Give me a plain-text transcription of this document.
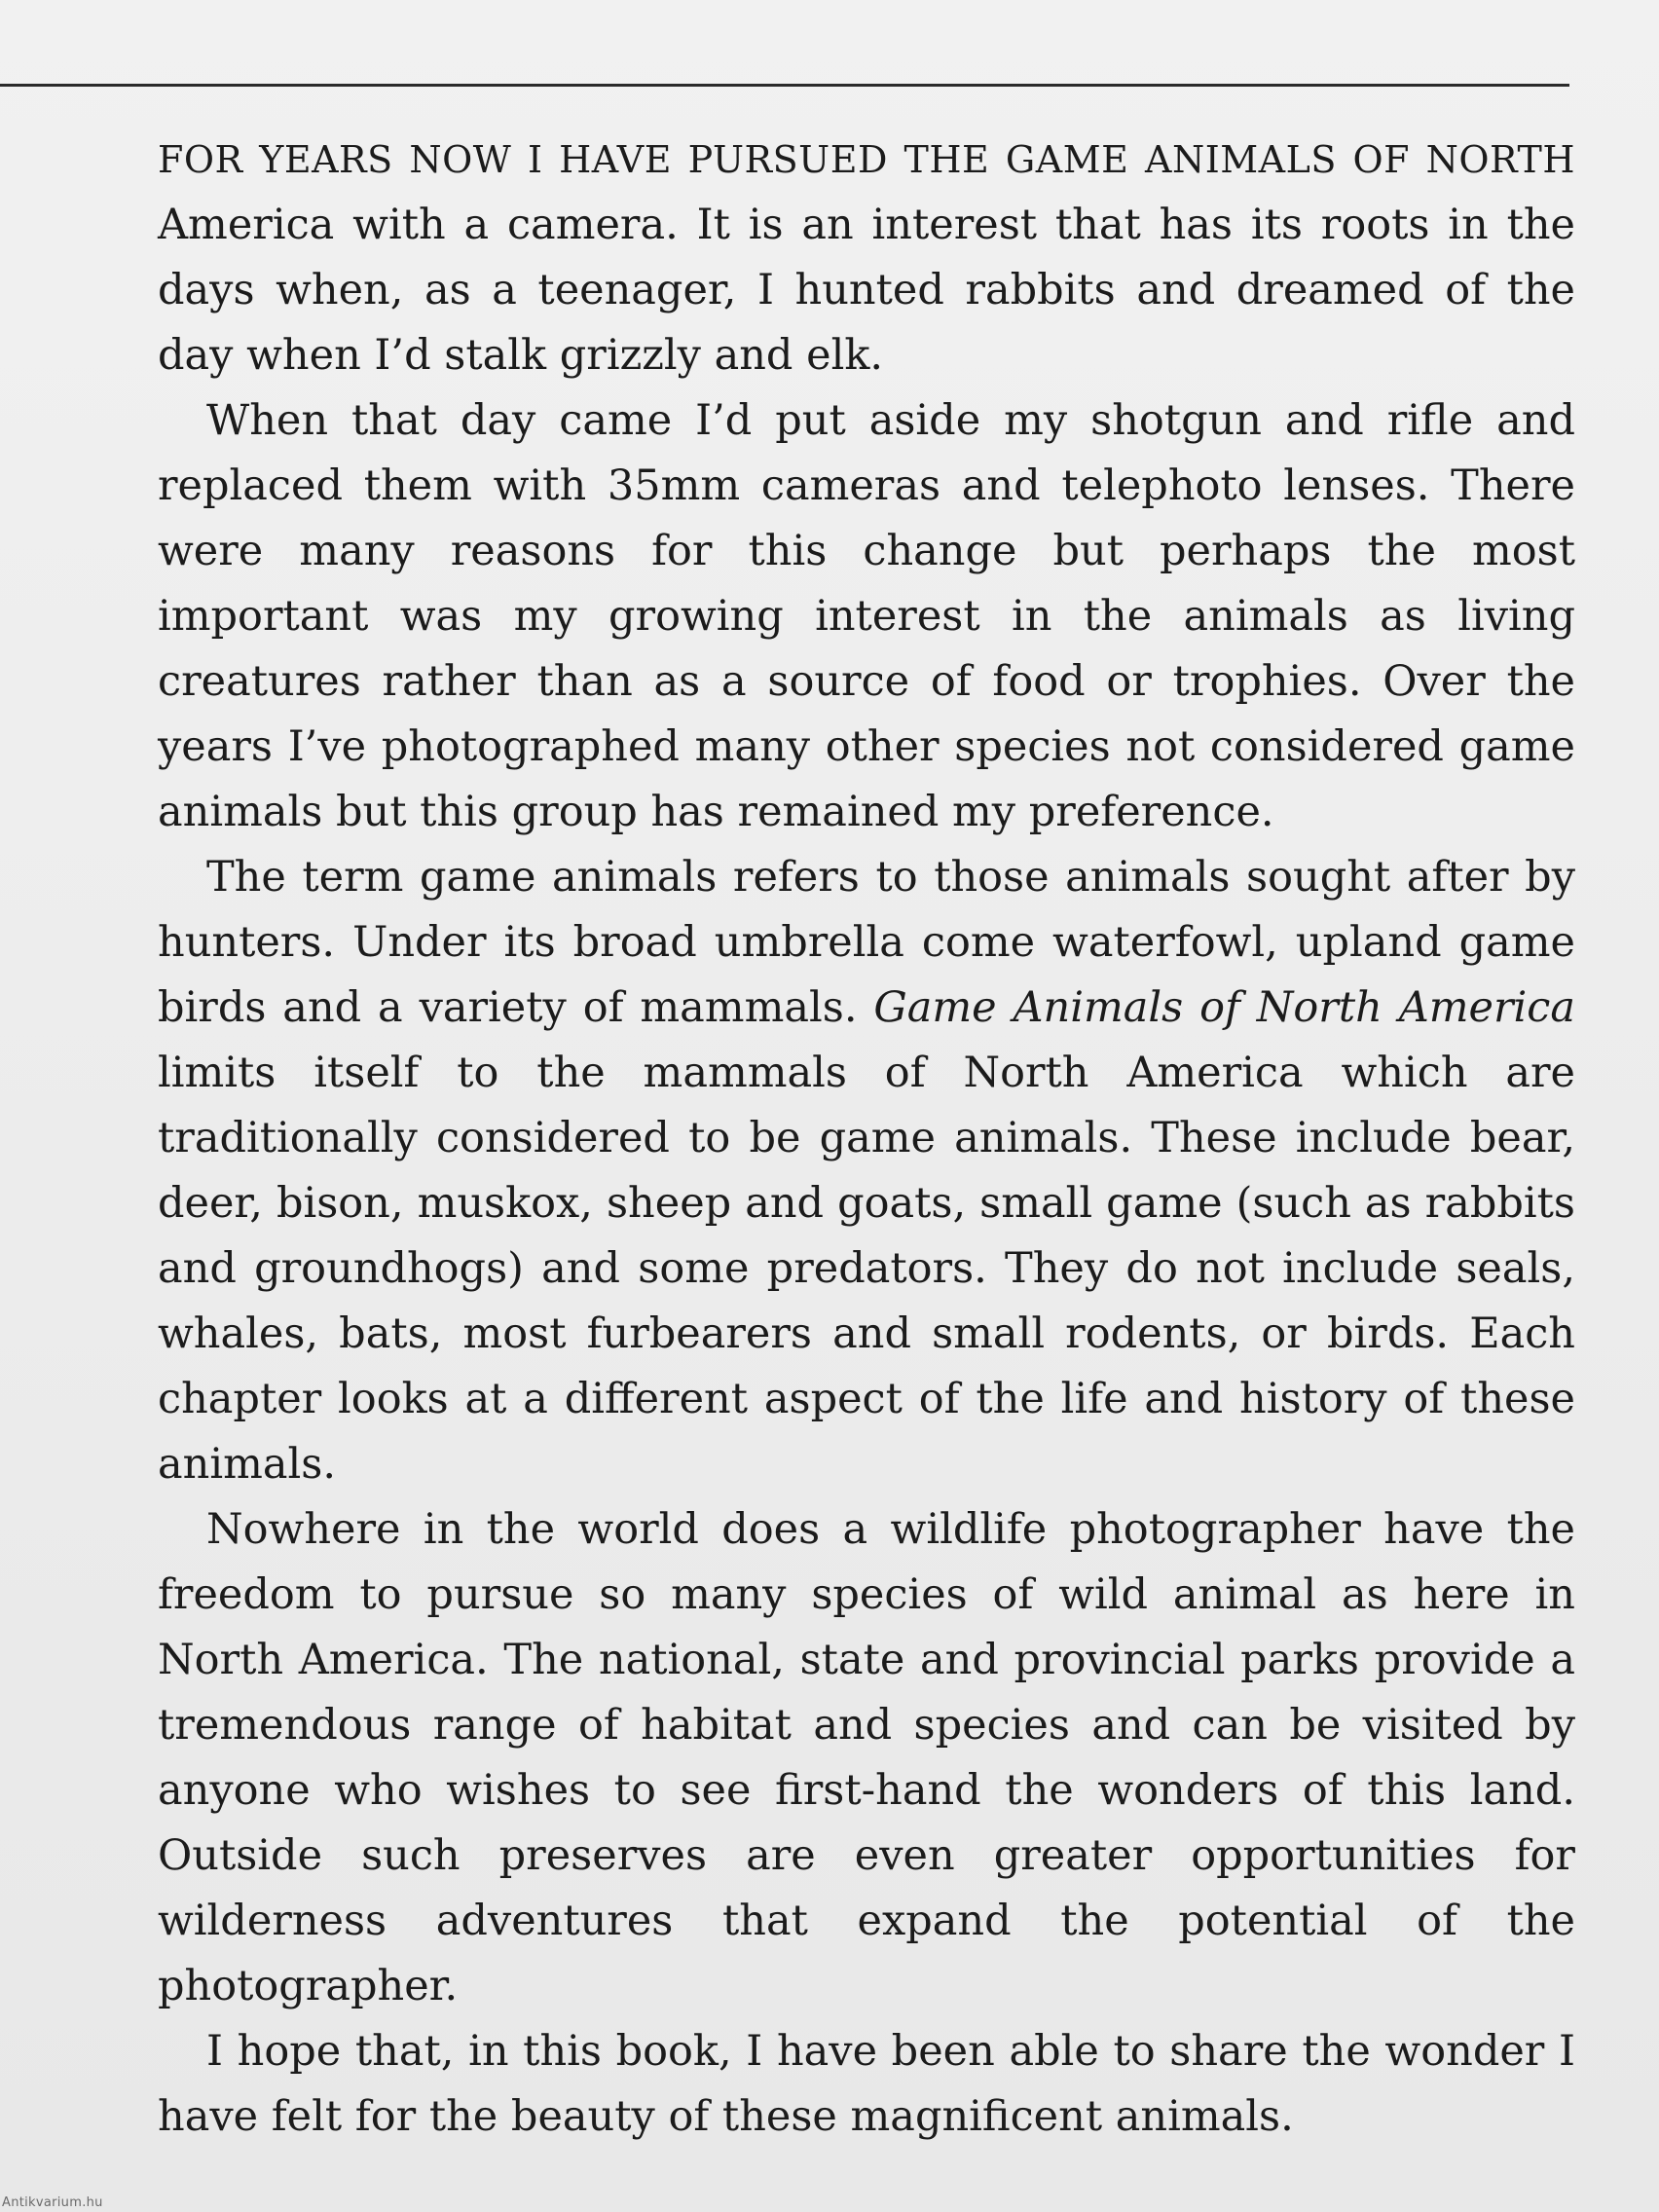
FOR YEARS NOW I HAVE PURSUED THE GAME ANIMALS OF NORTH America with a camera. It is an interest that has its roots in the days when, as a teenager, I hunted rabbits and dreamed of the day when I’d stalk grizzly and elk.

When that day came I’d put aside my shotgun and rifle and replaced them with 35mm cameras and telephoto lenses. There were many reasons for this change but perhaps the most important was my growing interest in the animals as living creatures rather than as a source of food or trophies. Over the years I’ve photographed many other species not considered game animals but this group has remained my preference.

The term game animals refers to those animals sought after by hunters. Under its broad umbrella come waterfowl, upland game birds and a variety of mammals. Game Animals of North America limits itself to the mammals of North America which are traditionally considered to be game animals. These include bear, deer, bison, muskox, sheep and goats, small game (such as rabbits and groundhogs) and some predators. They do not include seals, whales, bats, most furbearers and small rodents, or birds. Each chapter looks at a different aspect of the life and history of these animals.

Nowhere in the world does a wildlife photographer have the freedom to pursue so many species of wild animal as here in North America. The national, state and provincial parks provide a tremendous range of habitat and species and can be visited by anyone who wishes to see first-hand the wonders of this land. Outside such preserves are even greater opportunities for wilderness adventures that expand the potential of the photographer.

I hope that, in this book, I have been able to share the wonder I have felt for the beauty of these magnificent animals.

Antikvarium.hu
